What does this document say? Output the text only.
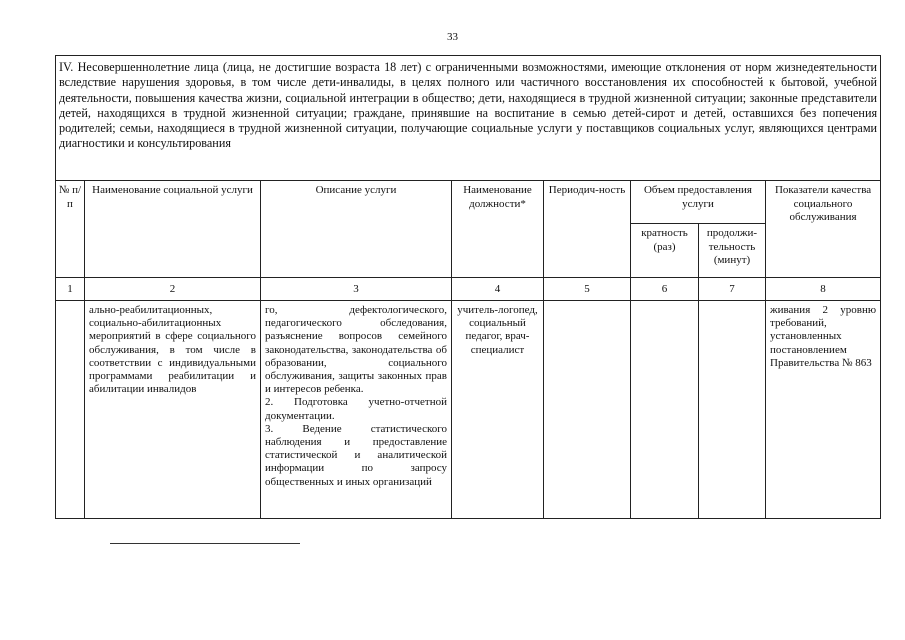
33
IV. Несовершеннолетние лица (лица, не достигшие возраста 18 лет) с ограниченными возможностями, имеющие отклонения от норм жизнедеятельности вследствие нарушения здоровья, в том числе дети-инвалиды, в целях полного или частичного восстановления их способностей к бытовой, учебной деятельности, повышения качества жизни, социальной интеграции в общество; дети, находящиеся в трудной жизненной ситуации; законные представители детей, находящихся в трудной жизненной ситуации; граждане, принявшие на воспитание в семью детей-сирот и детей, оставшихся без попечения родителей; семьи, находящиеся в трудной жизненной ситуации, получающие социальные услуги у поставщиков социальных услуг, являющихся центрами диагностики и консультирования							
№ п/п	Наименование социальной услуги	Описание услуги	Наименование должности*	Периодич-ность	Объем предоставления услуги		Показатели качества социального обслуживания
					кратность (раз)	продолжи-тельность (минут)	
1	2	3	4	5	6	7	8
	ально-реабилитационных, социально-абилитационных мероприятий в сфере социального обслуживания, в том числе в соответствии с индивидуальными программами реабилитации и абилитации инвалидов	го, дефектологического, педагогического обследования, разъяснение вопросов семейного законодательства, законодательства об образовании, социального обслуживания, защиты законных прав и интересов ребенка.
2. Подготовка учетно-отчетной документации.
3. Ведение статистического наблюдения и предоставление статистической и аналитической информации по запросу общественных и иных организаций	учитель-логопед, социальный педагог, врач-специалист				живания 2 уровню требований, установленных постановлением Правительства № 863
